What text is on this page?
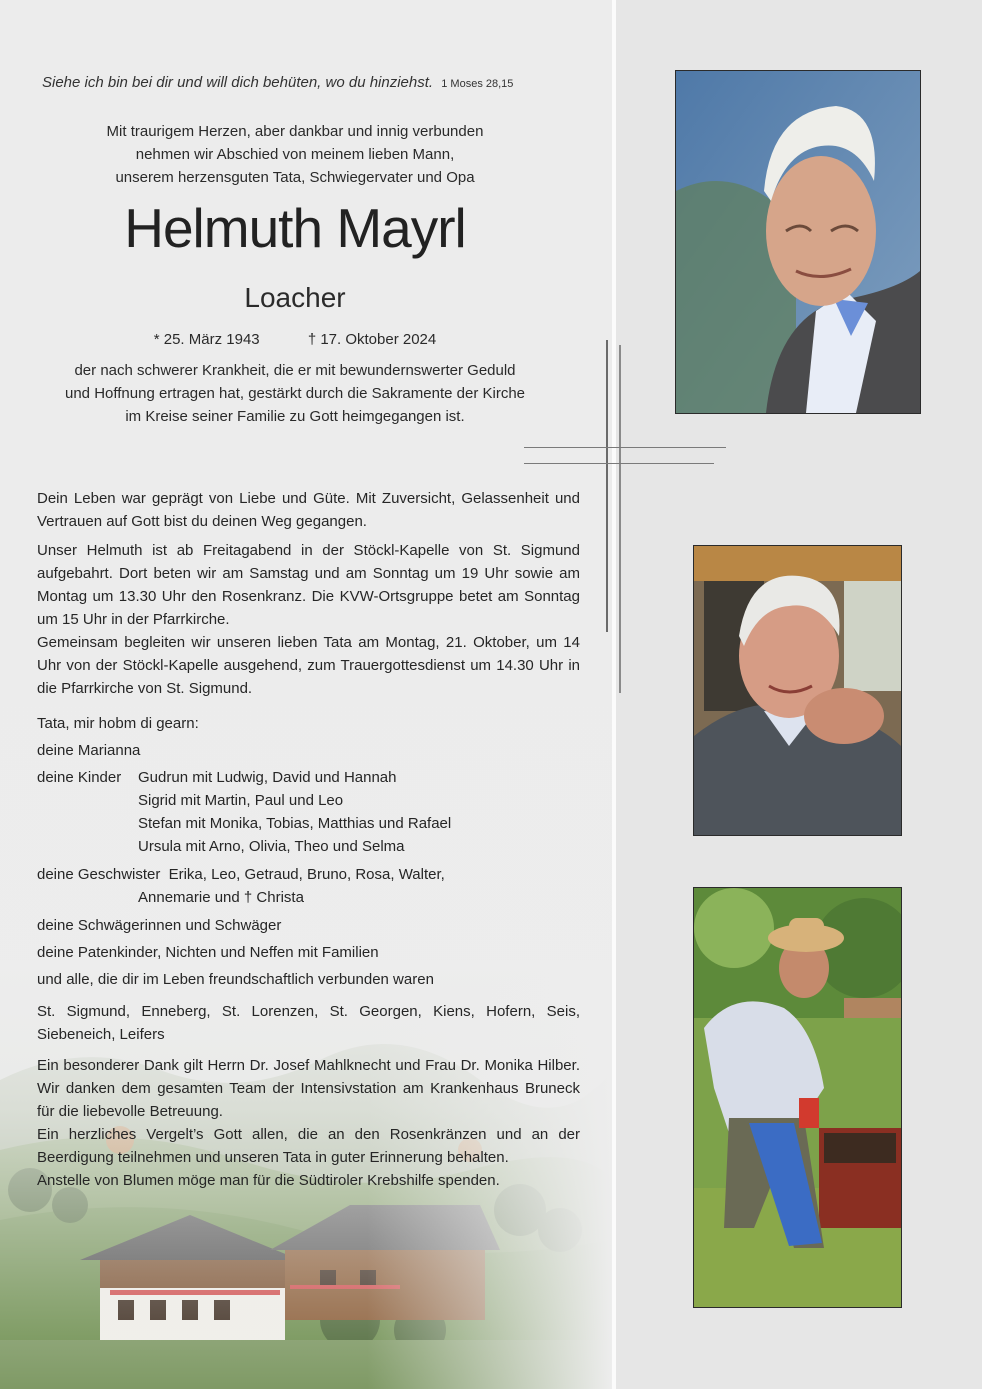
Siehe ich bin bei dir und will dich behüten, wo du hinziehst. 1 Moses 28,15
Mit traurigem Herzen, aber dankbar und innig verbunden
nehmen wir Abschied von meinem lieben Mann,
unserem herzensguten Tata, Schwiegervater und Opa
Helmuth Mayrl
Loacher
* 25. März 1943	† 17. Oktober 2024
der nach schwerer Krankheit, die er mit bewundernswerter Geduld
und Hoffnung ertragen hat, gestärkt durch die Sakramente der Kirche
im Kreise seiner Familie zu Gott heimgegangen ist.

Dein Leben war geprägt von Liebe und Güte. Mit Zuversicht, Gelassenheit und Vertrauen auf Gott bist du deinen Weg gegangen.

Unser Helmuth ist ab Freitagabend in der Stöckl-Kapelle von St. Sigmund aufgebahrt. Dort beten wir am Samstag und am Sonntag um 19 Uhr sowie am Montag um 13.30 Uhr den Rosenkranz. Die KVW-Ortsgruppe betet am Sonntag um 15 Uhr in der Pfarrkirche.

Gemeinsam begleiten wir unseren lieben Tata am Montag, 21. Oktober, um 14 Uhr von der Stöckl-Kapelle ausgehend, zum Trauergottesdienst um 14.30 Uhr in die Pfarrkirche von St. Sigmund.

Tata, mir hobm di gearn:
deine Marianna
deine Kinder Gudrun mit Ludwig, David und Hannah
Sigrid mit Martin, Paul und Leo
Stefan mit Monika, Tobias, Matthias und Rafael
Ursula mit Arno, Olivia, Theo und Selma
deine Geschwister Erika, Leo, Getraud, Bruno, Rosa, Walter,
Annemarie und † Christa
deine Schwägerinnen und Schwäger
deine Patenkinder, Nichten und Neffen mit Familien
und alle, die dir im Leben freundschaftlich verbunden waren
St. Sigmund, Enneberg, St. Lorenzen, St. Georgen, Kiens, Hofern, Seis, Siebeneich, Leifers

Ein besonderer Dank gilt Herrn Dr. Josef Mahlknecht und Frau Dr. Monika Hilber. Wir danken dem gesamten Team der Intensivstation am Krankenhaus Bruneck für die liebevolle Betreuung.

Ein herzliches Vergelt’s Gott allen, die an den Rosenkränzen und an der Beerdigung teilnehmen und unseren Tata in guter Erinnerung behalten.

Anstelle von Blumen möge man für die Südtiroler Krebshilfe spenden.
